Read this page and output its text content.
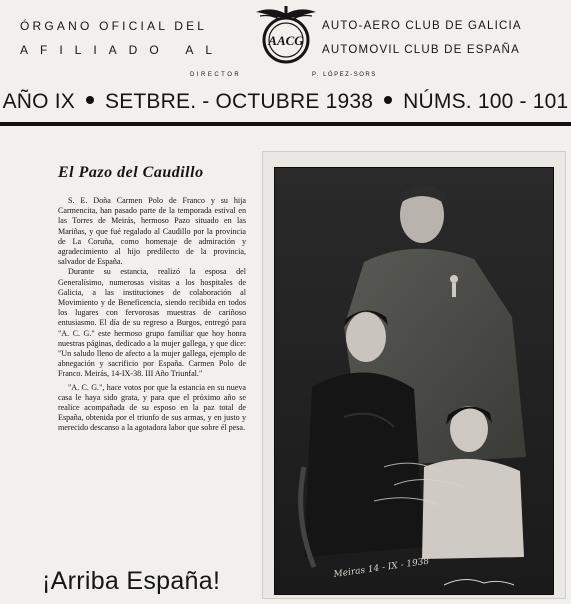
ÓRGANO OFICIAL DEL
AFILIADO AL
AACG
AUTO-AERO CLUB DE GALICIA
AUTOMOVIL CLUB DE ESPAÑA
DIRECTOR	P. LÓPEZ-SORS
AÑO IX SETBRE. - OCTUBRE 1938 NÚMS. 100 - 101
El Pazo del Caudillo

S. E. Doña Carmen Polo de Franco y su hija Carmencita, han pasado parte de la temporada estival en las Torres de Meirás, hermoso Pazo situado en las Mariñas, y que fué regalado al Caudillo por la provincia de La Coruña, como homenaje de admiración y agradecimiento al hijo predilecto de la provincia, salvador de España.

Durante su estancia, realizó la esposa del Generalísimo, numerosas visitas a los hospitales de Galicia, a las instituciones de colaboración al Movimiento y de Beneficencia, siendo recibida en todos los lugares con fervorosas muestras de cariñoso entusiasmo. El día de su regreso a Burgos, entregó para "A. C. G." este hermoso grupo familiar que hoy honra nuestras páginas, dedicado a la mujer gallega, y que dice: "Un saludo lleno de afecto a la mujer gallega, ejemplo de abnegación y sacrificio por España. Carmen Polo de Franco. Meirás, 14-IX-38. III Año Triunfal."

"A. C. G.", hace votos por que la estancia en su nueva casa le haya sido grata, y para que el próximo año se realice acompañada de su esposo en la paz total de España, obtenida por el triunfo de sus armas, y en justo y merecido descanso a la agotadora labor que sobre él pesa.

¡Arriba España!	Meiras 14 - IX - 1938
